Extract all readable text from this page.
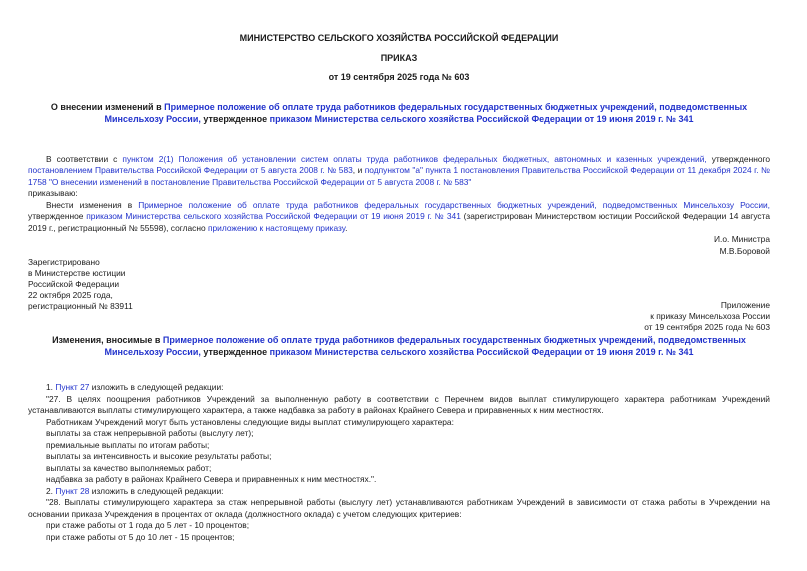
МИНИСТЕРСТВО СЕЛЬСКОГО ХОЗЯЙСТВА РОССИЙСКОЙ ФЕДЕРАЦИИ
ПРИКАЗ
от 19 сентября 2025 года № 603
О внесении изменений в Примерное положение об оплате труда работников федеральных государственных бюджетных учреждений, подведомственных Минсельхозу России, утвержденное приказом Министерства сельского хозяйства Российской Федерации от 19 июня 2019 г. № 341
В соответствии с пунктом 2(1) Положения об установлении систем оплаты труда работников федеральных бюджетных, автономных и казенных учреждений, утвержденного постановлением Правительства Российской Федерации от 5 августа 2008 г. № 583, и подпунктом "а" пункта 1 постановления Правительства Российской Федерации от 11 декабря 2024 г. № 1758 "О внесении изменений в постановление Правительства Российской Федерации от 5 августа 2008 г. № 583"
приказываю:
Внести изменения в Примерное положение об оплате труда работников федеральных государственных бюджетных учреждений, подведомственных Минсельхозу России, утвержденное приказом Министерства сельского хозяйства Российской Федерации от 19 июня 2019 г. № 341 (зарегистрирован Министерством юстиции Российской Федерации 14 августа 2019 г., регистрационный № 55598), согласно приложению к настоящему приказу.
И.о. Министра
М.В.Боровой
Зарегистрировано
в Министерстве юстиции
Российской Федерации
22 октября 2025 года,
регистрационный № 83911	Приложение
к приказу Минсельхоза России
от 19 сентября 2025 года № 603
Изменения, вносимые в Примерное положение об оплате труда работников федеральных государственных бюджетных учреждений, подведомственных Минсельхозу России, утвержденное приказом Министерства сельского хозяйства Российской Федерации от 19 июня 2019 г. № 341
1. Пункт 27 изложить в следующей редакции:
"27. В целях поощрения работников Учреждений за выполненную работу в соответствии с Перечнем видов выплат стимулирующего характера работникам Учреждений устанавливаются выплаты стимулирующего характера, а также надбавка за работу в районах Крайнего Севера и приравненных к ним местностях.
Работникам Учреждений могут быть установлены следующие виды выплат стимулирующего характера:
выплаты за стаж непрерывной работы (выслугу лет);
премиальные выплаты по итогам работы;
выплаты за интенсивность и высокие результаты работы;
выплаты за качество выполняемых работ;
надбавка за работу в районах Крайнего Севера и приравненных к ним местностях.".
2. Пункт 28 изложить в следующей редакции:
"28. Выплаты стимулирующего характера за стаж непрерывной работы (выслугу лет) устанавливаются работникам Учреждений в зависимости от стажа работы в Учреждении на основании приказа Учреждения в процентах от оклада (должностного оклада) с учетом следующих критериев:
при стаже работы от 1 года до 5 лет - 10 процентов;
при стаже работы от 5 до 10 лет - 15 процентов;
